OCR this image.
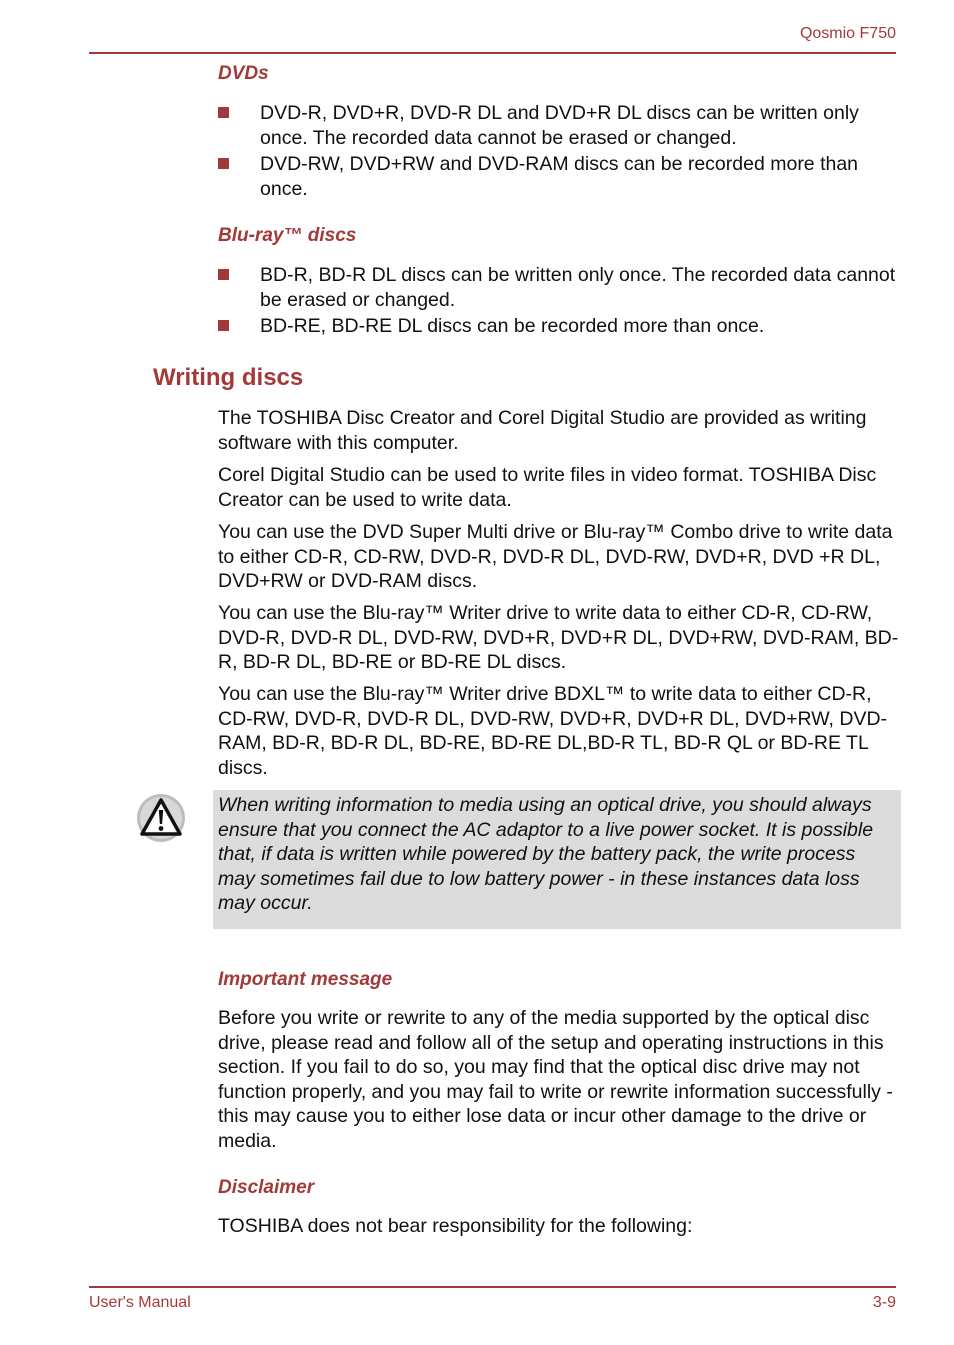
Qosmio F750
DVDs
DVD-R, DVD+R, DVD-R DL and DVD+R DL discs can be written only once. The recorded data cannot be erased or changed.
DVD-RW, DVD+RW and DVD-RAM discs can be recorded more than once.
Blu-ray™ discs
BD-R, BD-R DL discs can be written only once. The recorded data cannot be erased or changed.
BD-RE, BD-RE DL discs can be recorded more than once.
Writing discs
The TOSHIBA Disc Creator and Corel Digital Studio are provided as writing software with this computer.
Corel Digital Studio can be used to write files in video format. TOSHIBA Disc Creator can be used to write data.
You can use the DVD Super Multi drive or Blu-ray™ Combo drive to write data to either CD-R, CD-RW, DVD-R, DVD-R DL, DVD-RW, DVD+R, DVD +R DL, DVD+RW or DVD-RAM discs.
You can use the Blu-ray™ Writer drive to write data to either CD-R, CD-RW, DVD-R, DVD-R DL, DVD-RW, DVD+R, DVD+R DL, DVD+RW, DVD-RAM, BD-R, BD-R DL, BD-RE or BD-RE DL discs.
You can use the Blu-ray™ Writer drive BDXL™ to write data to either CD-R, CD-RW, DVD-R, DVD-R DL, DVD-RW, DVD+R, DVD+R DL, DVD+RW, DVD-RAM, BD-R, BD-R DL, BD-RE, BD-RE DL,BD-R TL, BD-R QL or BD-RE TL discs.
When writing information to media using an optical drive, you should always ensure that you connect the AC adaptor to a live power socket. It is possible that, if data is written while powered by the battery pack, the write process may sometimes fail due to low battery power - in these instances data loss may occur.
Important message
Before you write or rewrite to any of the media supported by the optical disc drive, please read and follow all of the setup and operating instructions in this section. If you fail to do so, you may find that the optical disc drive may not function properly, and you may fail to write or rewrite information successfully - this may cause you to either lose data or incur other damage to the drive or media.
Disclaimer
TOSHIBA does not bear responsibility for the following:
User's Manual	3-9
